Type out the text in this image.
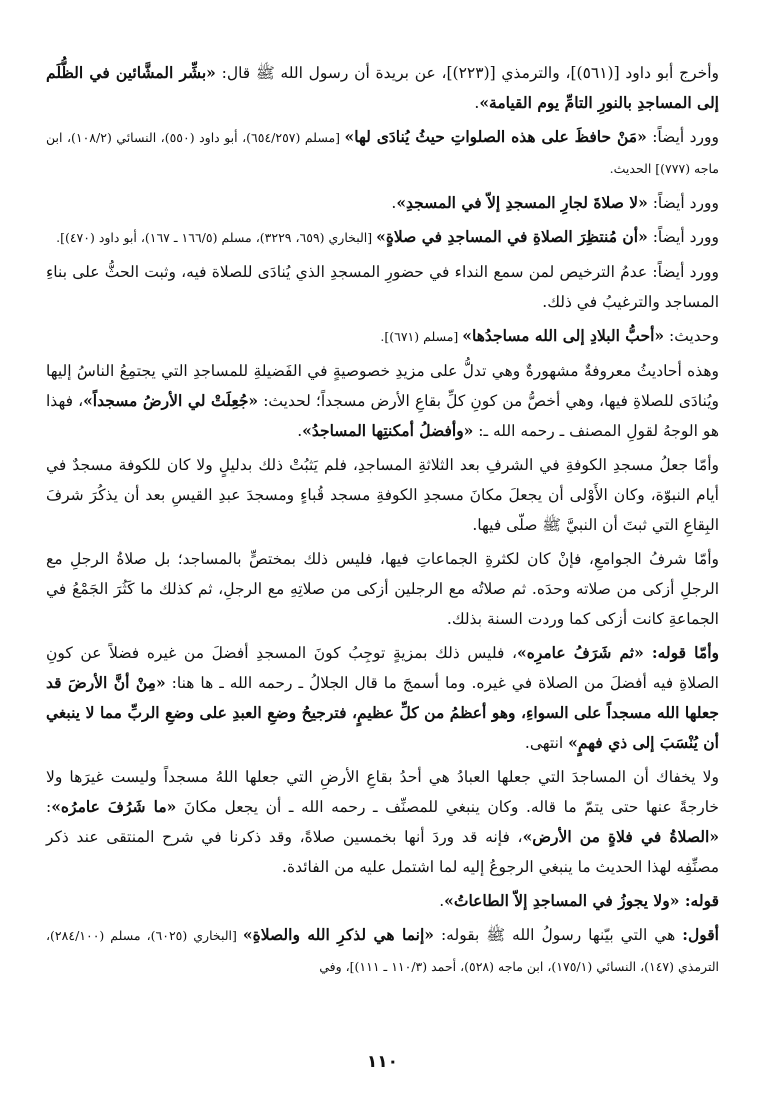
وأخرج أبو داود [(٥٦١)]، والترمذي [(٢٢٣)]، عن بريدة أن رسول الله ﷺ قال: «بشِّر المشَّائين في الظُّلَم إلى المساجدِ بالنورِ التامِّ يوم القيامة».

وورد أيضاً: «مَنْ حافظَ على هذه الصلواتِ حيثُ يُنادَى لها» [مسلم (٦٥٤/٢٥٧)، أبو داود (٥٥٠)، النسائي (١٠٨/٢)، ابن ماجه (٧٧٧)] الحديث.

وورد أيضاً: «لا صلاةَ لجارِ المسجدِ إلاّ في المسجدِ».

وورد أيضاً: «أن مُنتظِرَ الصلاةِ في المساجدِ في صلاةٍ» [البخاري (٦٥٩، ٣٢٢٩)، مسلم (١٦٦/٥ ـ ١٦٧)، أبو داود (٤٧٠)].

وورد أيضاً: عدمُ الترخيص لمن سمع النداء في حضورِ المسجدِ الذي يُنادَى للصلاة فيه، وثبت الحثُّ على بناءِ المساجد والترغيبُ في ذلك.

وحديث: «أحبُّ البلادِ إلى الله مساجدُها» [مسلم (٦٧١)].

وهذه أحاديثُ معروفةٌ مشهورةٌ وهي تدلُّ على مزيدِ خصوصيةٍ في الفَضيلةِ للمساجدِ التي يجتمِعُ الناسُ إليها ويُنادَى للصلاةِ فيها، وهي أخصُّ من كونِ كلِّ بقاعِ الأرض مسجداً؛ لحديث: «جُعِلَتْ لي الأرضُ مسجداً»، فهذا هو الوجهُ لقولِ المصنف ـ رحمه الله ـ: «وأفضلُ أمكنتِها المساجدُ».

وأمّا جعلُ مسجدِ الكوفةِ في الشرفِ بعد الثلاثةِ المساجدِ، فلم يَثبُتْ ذلك بدليلٍ ولا كان للكوفة مسجدٌ في أيام النبوّة، وكان الأَوْلى أن يجعلَ مكانَ مسجدِ الكوفةِ مسجد قُباءٍ ومسجدَ عبدِ القيسِ بعد أن يذكُرَ شرفَ البِقاعِ التي ثبتَ أن النبيَّ ﷺ صلّى فيها.

وأمّا شرفُ الجوامعِ، فإنْ كان لكثرةِ الجماعاتِ فيها، فليس ذلك بمختصٍّ بالمساجد؛ بل صلاةُ الرجلِ مع الرجلِ أزكى من صلاته وحدَه. ثم صلاتُه مع الرجلين أزكى من صلاتِهِ مع الرجلِ، ثم كذلك ما كَثُرَ الجَمْعُ في الجماعةِ كانت أزكى كما وردت السنة بذلك.

وأمّا قوله: «ثم شَرَفُ عامرِه»، فليس ذلك بمزيةٍ توجِبُ كونَ المسجدِ أفضلَ من غيره فضلاً عن كونِ الصلاةِ فيه أفضلَ من الصلاة في غيره. وما أسمجَ ما قال الجلالُ ـ رحمه الله ـ ها هنا: «مِنْ أنَّ الأرضَ قد جعلها الله مسجداً على السواءِ، وهو أعظمُ من كلِّ عظيمٍ، فترجيحُ وضعِ العبدِ على وضعِ الربِّ مما لا ينبغي أن يُنْسَبَ إلى ذي فهمٍ» انتهى.

ولا يخفاك أن المساجدَ التي جعلها العبادُ هي أحدُ بقاعِ الأرضِ التي جعلها اللهُ مسجداً وليست غيرَها ولا خارجةً عنها حتى يتمّ ما قاله. وكان ينبغي للمصنِّف ـ رحمه الله ـ أن يجعل مكانَ «ما شَرُفَ عامرُه»: «الصلاةُ في فلاةٍ من الأرض»، فإنه قد وردَ أنها بخمسين صلاةً، وقد ذكرنا في شرح المنتقى عند ذكر مصنِّفِه لهذا الحديث ما ينبغي الرجوعُ إليه لما اشتمل عليه من الفائدة.

قوله: «ولا يجوزُ في المساجدِ إلاّ الطاعاتُ».

أقول: هي التي بيّنها رسولُ الله ﷺ بقوله: «إنما هي لذكرِ الله والصلاةِ» [البخاري (٦٠٢٥)، مسلم (٢٨٤/١٠٠)، الترمذي (١٤٧)، النسائي (١٧٥/١)، ابن ماجه (٥٢٨)، أحمد (١١٠/٣ ـ ١١١)]، وفي

١١٠
